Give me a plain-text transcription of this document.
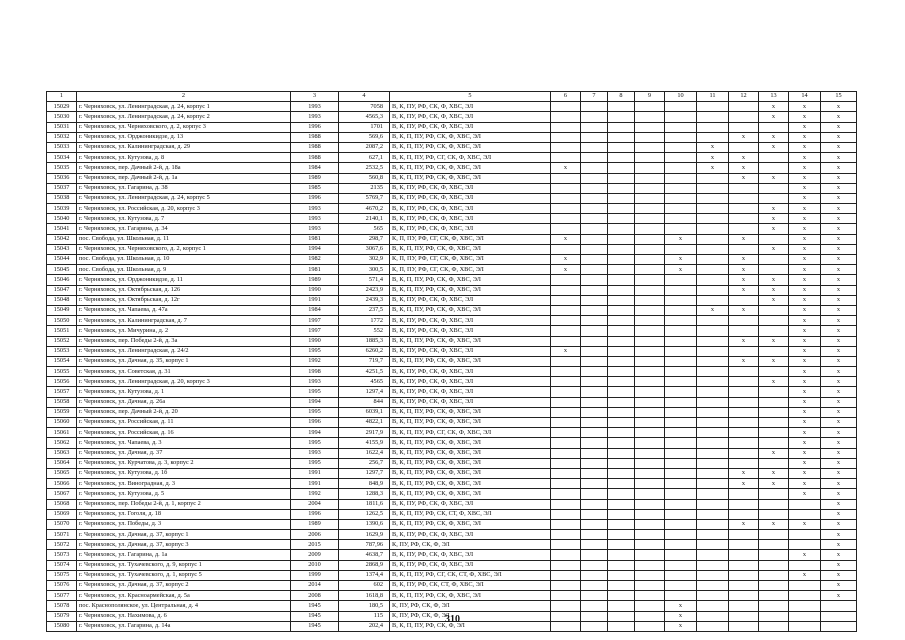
1	2	3	4	5	6	7	8	9	10	11	12	13	14	15
15029	г. Черняховск, ул. Ленинградская, д. 24, корпус 1	1993	7058	В, К, ПУ, РФ, СК, Ф, ХВС, ЭЛ								x	x	x
15030	г. Черняховск, ул. Ленинградская, д. 24, корпус 2	1993	4565,3	В, К, ПУ, РФ, СК, Ф, ХВС, ЭЛ								x	x	x
15031	г. Черняховск, ул. Черняховского, д. 2, корпус 3	1996	1701	В, К, ПУ, РФ, СК, Ф, ХВС, ЭЛ									x	x
15032	г. Черняховск, ул. Орджоникидзе, д. 13	1988	569,6	В, К, П, ПУ, РФ, СК, Ф, ХВС, ЭЛ							x	x	x	x
15033	г. Черняховск, ул. Калининградская, д. 29	1988	2087,2	В, К, П, ПУ, РФ, СК, Ф, ХВС, ЭЛ						x		x	x	x
15034	г. Черняховск, ул. Кутузова, д. 8	1988	627,1	В, К, П, ПУ, РФ, СГ, СК, Ф, ХВС, ЭЛ						x	x		x	x
15035	г. Черняховск, пер. Дачный 2-й, д. 18а	1984	2532,5	В, К, П, ПУ, РФ, СК, Ф, ХВС, ЭЛ	x					x	x		x	x
15036	г. Черняховск, пер. Дачный 2-й, д. 1а	1989	560,8	В, К, П, ПУ, РФ, СК, Ф, ХВС, ЭЛ							x	x	x	x
15037	г. Черняховск, ул. Гагарина, д. 38	1985	2135	В, К, ПУ, РФ, СК, Ф, ХВС, ЭЛ									x	x
15038	г. Черняховск, ул. Ленинградская, д. 24, корпус 5	1996	5769,7	В, К, ПУ, РФ, СК, Ф, ХВС, ЭЛ									x	x
15039	г. Черняховск, ул. Российская, д. 20, корпус 3	1993	4670,2	В, К, ПУ, РФ, СК, Ф, ХВС, ЭЛ								x	x	x
15040	г. Черняховск, ул. Кутузова, д. 7	1993	2140,1	В, К, ПУ, РФ, СК, Ф, ХВС, ЭЛ								x	x	x
15041	г. Черняховск, ул. Гагарина, д. 34	1993	565	В, К, ПУ, РФ, СК, Ф, ХВС, ЭЛ								x	x	x
15042	пос. Свобода, ул. Школьная, д. 11	1981	298,7	К, П, ПУ, РФ, СГ, СК, Ф, ХВС, ЭЛ	x				x		x		x	x
15043	г. Черняховск, ул. Черняховского, д. 2, корпус 1	1994	3067,6	В, К, П, ПУ, РФ, СК, Ф, ХВС, ЭЛ								x	x	x
15044	пос. Свобода, ул. Школьная, д. 10	1982	302,9	К, П, ПУ, РФ, СГ, СК, Ф, ХВС, ЭЛ	x				x		x		x	x
15045	пос. Свобода, ул. Школьная, д. 9	1981	300,5	К, П, ПУ, РФ, СГ, СК, Ф, ХВС, ЭЛ	x				x		x		x	x
15046	г. Черняховск, ул. Орджоникидзе, д. 11	1989	571,4	В, К, П, ПУ, РФ, СК, Ф, ХВС, ЭЛ							x	x	x	x
15047	г. Черняховск, ул. Октябрьская, д. 126	1990	2423,9	В, К, П, ПУ, РФ, СК, Ф, ХВС, ЭЛ							x	x	x	x
15048	г. Черняховск, ул. Октябрьская, д. 12г	1991	2439,3	В, К, ПУ, РФ, СК, Ф, ХВС, ЭЛ								x	x	x
15049	г. Черняховск, ул. Чапаева, д. 47а	1984	237,5	В, К, П, ПУ, РФ, СК, Ф, ХВС, ЭЛ						x	x		x	x
15050	г. Черняховск, ул. Калининградская, д. 7	1997	1772	В, К, ПУ, РФ, СК, Ф, ХВС, ЭЛ									x	x
15051	г. Черняховск, ул. Мичурина, д. 2	1997	552	В, К, ПУ, РФ, СК, Ф, ХВС, ЭЛ									x	x
15052	г. Черняховск, пер. Победы 2-й, д. 3а	1990	1885,3	В, К, П, ПУ, РФ, СК, Ф, ХВС, ЭЛ							x	x	x	x
15053	г. Черняховск, ул. Ленинградская, д. 24/2	1995	6260,2	В, К, ПУ, РФ, СК, Ф, ХВС, ЭЛ	x								x	x
15054	г. Черняховск, ул. Дачная, д. 35, корпус 1	1992	719,7	В, К, П, ПУ, РФ, СК, Ф, ХВС, ЭЛ							x	x	x	x
15055	г. Черняховск, ул. Советская, д. 31	1998	4251,5	В, К, ПУ, РФ, СК, Ф, ХВС, ЭЛ									x	x
15056	г. Черняховск, ул. Ленинградская, д. 20, корпус 3	1993	4565	В, К, ПУ, РФ, СК, Ф, ХВС, ЭЛ								x	x	x
15057	г. Черняховск, ул. Кутузова, д. 1	1995	1297,4	В, К, ПУ, РФ, СК, Ф, ХВС, ЭЛ									x	x
15058	г. Черняховск, ул. Дачная, д. 26а	1994	844	В, К, ПУ, РФ, СК, Ф, ХВС, ЭЛ									x	x
15059	г. Черняховск, пер. Дачный 2-й, д. 20	1995	6039,1	В, К, П, ПУ, РФ, СК, Ф, ХВС, ЭЛ									x	x
15060	г. Черняховск, ул. Российская, д. 11	1996	4822,1	В, К, П, ПУ, РФ, СК, Ф, ХВС, ЭЛ									x	x
15061	г. Черняховск, ул. Российская, д. 16	1994	2917,9	В, К, П, ПУ, РФ, СГ, СК, Ф, ХВС, ЭЛ									x	x
15062	г. Черняховск, ул. Чапаева, д. 3	1995	4155,9	В, К, П, ПУ, РФ, СК, Ф, ХВС, ЭЛ									x	x
15063	г. Черняховск, ул. Дачная, д. 37	1993	1622,4	В, К, П, ПУ, РФ, СК, Ф, ХВС, ЭЛ								x	x	x
15064	г. Черняховск, ул. Курчатова, д. 3, корпус 2	1995	256,7	В, К, П, ПУ, РФ, СК, Ф, ХВС, ЭЛ									x	x
15065	г. Черняховск, ул. Кутузова, д. 1б	1991	1297,7	В, К, П, ПУ, РФ, СК, Ф, ХВС, ЭЛ							x	x	x	x
15066	г. Черняховск, ул. Виноградная, д. 3	1991	848,9	В, К, П, ПУ, РФ, СК, Ф, ХВС, ЭЛ							x	x	x	x
15067	г. Черняховск, ул. Кутузова, д. 5	1992	1288,3	В, К, П, ПУ, РФ, СК, Ф, ХВС, ЭЛ									x	x
15068	г. Черняховск, пер. Победы 2-й, д. 1, корпус 2	2004	1811,6	В, К, ПУ, РФ, СК, Ф, ХВС, ЭЛ										x
15069	г. Черняховск, ул. Гоголя, д. 18	1996	1262,5	В, К, П, ПУ, РФ, СК, СТ, Ф, ХВС, ЭЛ										x
15070	г. Черняховск, ул. Победы, д. 3	1989	1390,6	В, К, П, ПУ, РФ, СК, Ф, ХВС, ЭЛ							x	x	x	x
15071	г. Черняховск, ул. Дачная, д. 37, корпус 1	2006	1629,9	В, К, ПУ, РФ, СК, Ф, ХВС, ЭЛ										x
15072	г. Черняховск, ул. Дачная, д. 37, корпус 3	2015	787,96	К, ПУ, РФ, СК, Ф, ЭЛ										x
15073	г. Черняховск, ул. Гагарина, д. 1а	2009	4638,7	В, К, ПУ, РФ, СК, Ф, ХВС, ЭЛ									x	x
15074	г. Черняховск, ул. Тухачевского, д. 9, корпус 1	2010	2868,9	В, К, ПУ, РФ, СК, Ф, ХВС, ЭЛ										x
15075	г. Черняховск, ул. Тухачевского, д. 1, корпус 5	1999	1374,4	В, К, П, ПУ, РФ, СГ, СК, СТ, Ф, ХВС, ЭЛ									x	x
15076	г. Черняховск, ул. Дачная, д. 37, корпус 2	2014	602	В, К, ПУ, РФ, СК, СТ, Ф, ХВС, ЭЛ										x
15077	г. Черняховск, ул. Красноармейская, д. 5а	2008	1618,8	В, К, П, ПУ, РФ, СК, Ф, ХВС, ЭЛ										x
15078	пос. Краснополянское, ул. Центральная, д. 4	1945	180,5	К, ПУ, РФ, СК, Ф, ЭЛ					x					
15079	г. Черняховск, ул. Нахимова, д. 6	1945	115	К, ПУ, РФ, СК, Ф, ЭЛ					x					
15080	г. Черняховск, ул. Гагарина, д. 14а	1945	202,4	В, К, П, ПУ, РФ, СК, Ф, ЭЛ					x					
310
